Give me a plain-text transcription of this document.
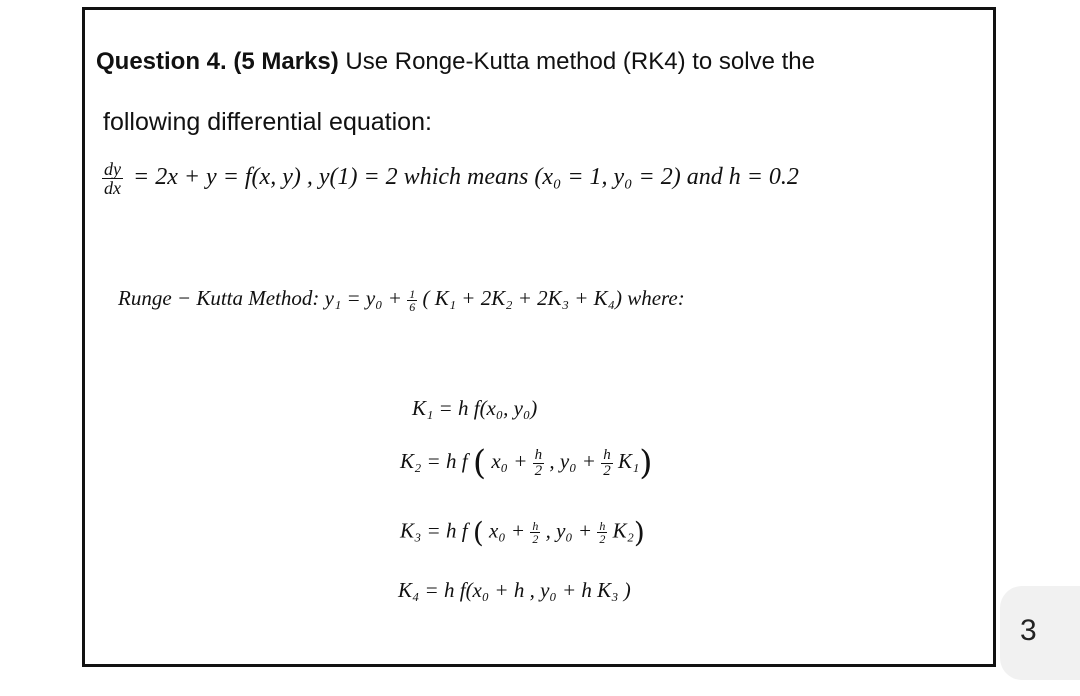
Question 4. (5 Marks) Use Ronge-Kutta method (RK4) to solve the
following differential equation:
$\frac{dy}{dx} = 2x + y = f(x$, y) , y(1) = 2 which means (x₀ = 1, y₀ = 2) and h = 0.2
Runge − Kutta Method: $y_1 = y_0 + \frac{1}{6}$ ( K₁ + 2K₂ + 2K₃ + K₄) where:
K₁ = h f(x₀, y₀)
K₂ = h f ( $x_0 + \frac{h}{2}$ , $y_0 + \frac{h}{2} K_1$)
K₃ = h f ( $x_0 + \frac{h}{2}$ , $y_0 + \frac{h}{2} K_2$)
K₄ = h f(x₀ + h , y₀ + h K₃ )
3
